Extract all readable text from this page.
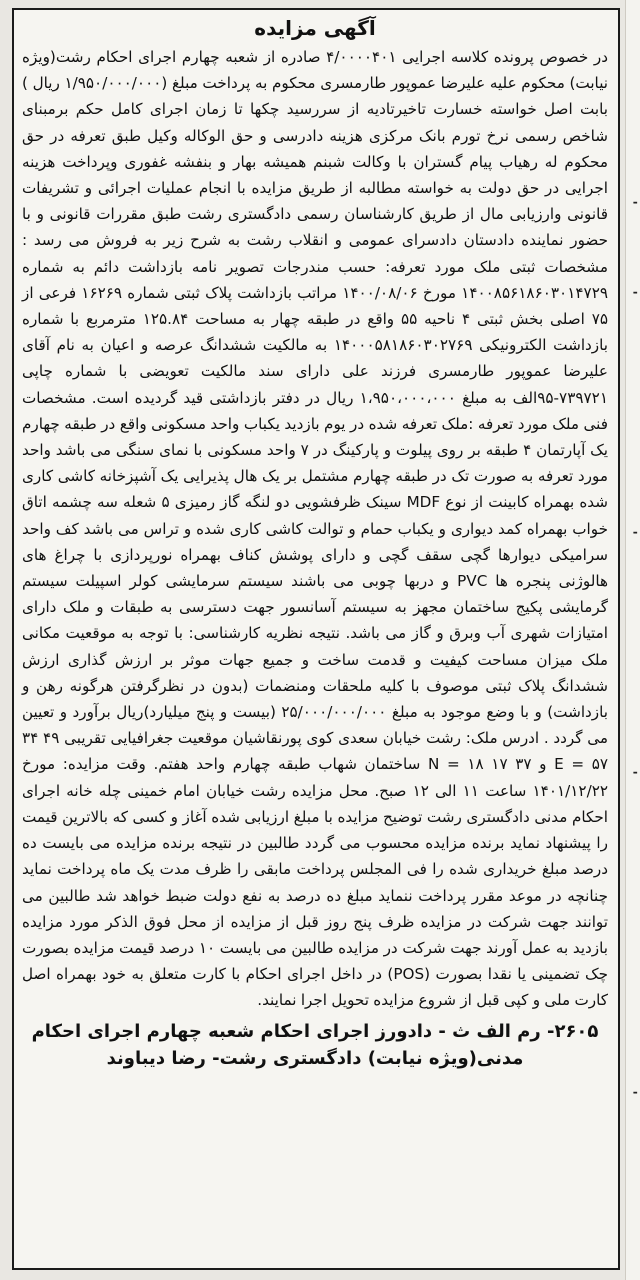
ـ
ـ
ـ
ـ
ـ
آگهی مزایده

در خصوص پرونده کلاسه اجرایی ۴/۰۰۰۰۴۰۱ صادره از شعبه چهارم اجرای احکام رشت(ویژه نیابت) محکوم علیه علیرضا عموپور طارمسری محکوم به پرداخت مبلغ (۱/۹۵۰/۰۰۰/۰۰۰ ریال ) بابت اصل خواسته خسارت تاخیرتادیه از سررسید چکها تا زمان اجرای کامل حکم برمبنای شاخص رسمی نرخ تورم بانک مرکزی هزینه دادرسی و حق الوکاله وکیل طبق تعرفه در حق محکوم له رهیاب پیام گستران با وکالت شبنم همیشه بهار و بنفشه غفوری وپرداخت هزینه اجرایی در حق دولت به خواسته مطالبه از طریق مزایده با انجام عملیات اجرائی و تشریفات قانونی وارزیابی مال از طریق کارشناسان رسمی دادگستری رشت طبق مقررات قانونی و با حضور نماینده دادستان دادسرای عمومی و انقلاب رشت به شرح زیر به فروش می رسد : مشخصات ثبتی ملک مورد تعرفه: حسب مندرجات تصویر نامه بازداشت دائم به شماره ۱۴۰۰۸۵۶۱۸۶۰۳۰۱۴۷۲۹ مورخ ۱۴۰۰/۰۸/۰۶ مراتب بازداشت پلاک ثبتی شماره ۱۶۲۶۹ فرعی از ۷۵ اصلی بخش ثبتی ۴ ناحیه ۵۵ واقع در طبقه چهار به مساحت ۱۲۵.۸۴ مترمربع با شماره بازداشت الکترونیکی ۱۴۰۰۰۵۸۱۸۶۰۳۰۲۷۶۹ به مالکیت ششدانگ عرصه و اعیان به نام آقای علیرضا عموپور طارمسری فرزند علی دارای سند مالکیت تعویضی با شماره چاپی ۷۳۹۷۲۱-۹۵الف به مبلغ ۱،۹۵۰،۰۰۰،۰۰۰ ریال در دفتر بازداشتی قید گردیده است. مشخصات فنی ملک مورد تعرفه :ملک تعرفه شده در یوم بازدید یکباب واحد مسکونی واقع در طبقه چهارم یک آپارتمان ۴ طبقه بر روی پیلوت و پارکینگ در ۷ واحد مسکونی با نمای سنگی می باشد واحد مورد تعرفه به صورت تک در طبقه چهارم مشتمل بر یک هال پذیرایی یک آشپزخانه کاشی کاری شده بهمراه کابینت از نوع MDF سینک ظرفشویی دو لنگه گاز رمیزی ۵ شعله سه چشمه اتاق خواب بهمراه کمد دیواری و یکباب حمام و توالت کاشی کاری شده و تراس می باشد کف واحد سرامیکی دیوارها گچی سقف گچی و دارای پوشش کناف بهمراه نورپردازی با چراغ های هالوژنی پنجره ها PVC و دربها چوبی می باشند سیستم سرمایشی کولر اسپیلت سیستم گرمایشی پکیج ساختمان مجهز به سیستم آسانسور جهت دسترسی به طبقات و ملک دارای امتیازات شهری آب وبرق و گاز می باشد. نتیجه نظریه کارشناسی: با توجه به موقعیت مکانی ملک میزان مساحت کیفیت و قدمت ساخت و جمیع جهات موثر بر ارزش گذاری ارزش ششدانگ پلاک ثبتی موصوف با کلیه ملحقات ومنضمات (بدون در نظرگرفتن هرگونه رهن و بازداشت) و با وضع موجود به مبلغ ۲۵/۰۰۰/۰۰۰/۰۰۰ (بیست و پنج میلیارد)ریال برآورد و تعیین می گردد . ادرس ملک: رشت خیابان سعدی کوی پورنقاشیان موقعیت جغرافیایی تقریبی ۴۹ ۳۴ ۵۷ = E و ۳۷ ۱۷ ۱۸ = N ساختمان شهاب طبقه چهارم واحد هفتم. وقت مزایده: مورخ ۱۴۰۱/۱۲/۲۲ ساعت ۱۱ الی ۱۲ صبح. محل مزایده رشت خیابان امام خمینی چله خانه اجرای احکام مدنی دادگستری رشت توضیح مزایده با مبلغ ارزیابی شده آغاز و کسی که بالاترین قیمت را پیشنهاد نماید برنده مزایده محسوب می گردد طالبین در نتیجه برنده مزایده می بایست ده درصد مبلغ خریداری شده را فی المجلس پرداخت مابقی را ظرف مدت یک ماه پرداخت نماید چنانچه در موعد مقرر پرداخت ننماید مبلغ ده درصد به نفع دولت ضبط خواهد شد طالبین می توانند جهت شرکت در مزایده ظرف پنج روز قبل از مزایده از محل فوق الذکر مورد مزایده بازدید به عمل آورند جهت شرکت در مزایده طالبین می بایست ۱۰ درصد قیمت مزایده بصورت چک تضمینی یا نقدا بصورت (POS) در داخل اجرای احکام با کارت متعلق به خود بهمراه اصل کارت ملی و کپی قبل از شروع مزایده تحویل اجرا نمایند.

۲۶۰۵- رم الف ث - دادورز اجرای احکام شعبه چهارم اجرای احکام
مدنی(ویژه نیابت) دادگستری رشت- رضا دیباوند
